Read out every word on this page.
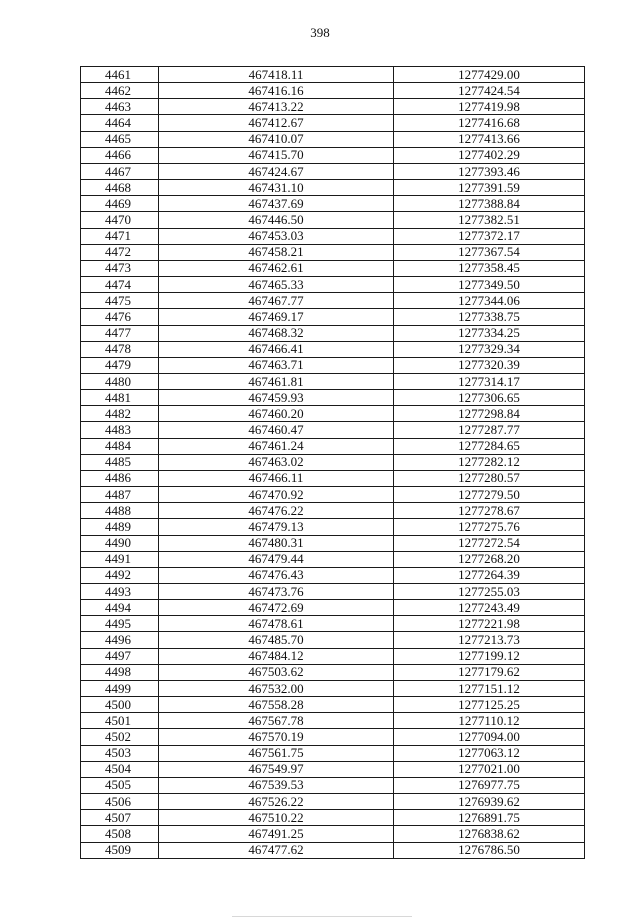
398
4461	467418.11	1277429.00
4462	467416.16	1277424.54
4463	467413.22	1277419.98
4464	467412.67	1277416.68
4465	467410.07	1277413.66
4466	467415.70	1277402.29
4467	467424.67	1277393.46
4468	467431.10	1277391.59
4469	467437.69	1277388.84
4470	467446.50	1277382.51
4471	467453.03	1277372.17
4472	467458.21	1277367.54
4473	467462.61	1277358.45
4474	467465.33	1277349.50
4475	467467.77	1277344.06
4476	467469.17	1277338.75
4477	467468.32	1277334.25
4478	467466.41	1277329.34
4479	467463.71	1277320.39
4480	467461.81	1277314.17
4481	467459.93	1277306.65
4482	467460.20	1277298.84
4483	467460.47	1277287.77
4484	467461.24	1277284.65
4485	467463.02	1277282.12
4486	467466.11	1277280.57
4487	467470.92	1277279.50
4488	467476.22	1277278.67
4489	467479.13	1277275.76
4490	467480.31	1277272.54
4491	467479.44	1277268.20
4492	467476.43	1277264.39
4493	467473.76	1277255.03
4494	467472.69	1277243.49
4495	467478.61	1277221.98
4496	467485.70	1277213.73
4497	467484.12	1277199.12
4498	467503.62	1277179.62
4499	467532.00	1277151.12
4500	467558.28	1277125.25
4501	467567.78	1277110.12
4502	467570.19	1277094.00
4503	467561.75	1277063.12
4504	467549.97	1277021.00
4505	467539.53	1276977.75
4506	467526.22	1276939.62
4507	467510.22	1276891.75
4508	467491.25	1276838.62
4509	467477.62	1276786.50
